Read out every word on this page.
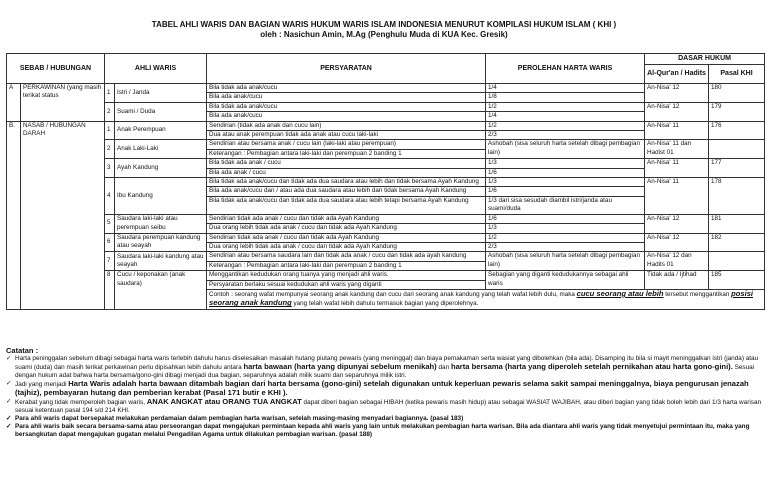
TABEL AHLI WARIS DAN BAGIAN WARIS HUKUM WARIS ISLAM INDONESIA MENURUT KOMPILASI HUKUM ISLAM ( KHI )
oleh : Nasichun Amin, M.Ag (Penghulu Muda di KUA Kec. Gresik)
SEBAB / HUBUNGAN		AHLI WARIS		PERSYARATAN	PEROLEHAN HARTA WARIS	DASAR HUKUM	
						Al-Qur'an / Hadits	Pasal KHI
A	PERKAWINAN (yang masih terikat status	1	Istri / Janda	Bila tidak ada anak/cucu	1/4	An-Nisa' 12	180
				Bila ada anak/cucu	1/8		
		2	Suami / Duda	Bila tidak ada anak/cucu	1/2	An-Nisa' 12	179
				Bila ada anak/cucu	1/4		
B.	NASAB / HUBUNGAN DARAH	1	Anak Perempuan	Sendirian (tidak ada anak dan cucu lain)	1/2	An-Nisa' 11	176
				Dua atau anak perempuan tidak ada anak atau cucu laki-laki	2/3		
		2	Anak Laki-Laki	Sendirian atau bersama anak / cucu lain (laki-laki atau perempuan)	Ashobah (sisa seluruh harta setelah dibagi pembagian lain)	An-Nisa' 11 dan Hadist 01	
				Keterangan : Pembagian antara laki-laki dan perempuan 2 banding 1			
		3	Ayah Kandung	Bila tidak ada anak / cucu	1/3	An-Nisa' 11	177
				Bila ada anak / cucu	1/6		
		4	Ibu Kandung	Bila tidak ada anak/cucu dan tidak ada dua saudara atau lebih dan tidak bersama Ayah Kandung	1/3	An-Nisa' 11	178
				Bila ada anak/cucu dan / atau ada dua saudara atau lebih dan tidak bersama Ayah Kandung	1/6		
				Bila tidak ada anak/cucu dan tidak ada dua saudara atau lebih tetapi bersama Ayah Kandung	1/3 dari sisa sesudah diambil istri/janda atau suami/duda		
		5	Saudara laki-laki atau perempuan seibu	Sendirian tidak ada anak / cucu dan tidak ada Ayah Kandung	1/6	An-Nisa' 12	181
				Dua orang lebih tidak ada anak / cucu dan tidak ada Ayah Kandung	1/3		
		6	Saudara perempuan kandung atau seayah	Sendirian tidak ada anak / cucu dan tidak ada Ayah Kandung	1/2	An-Nisa' 12	182
				Dua orang lebih tidak ada anak / cucu dan tidak ada Ayah Kandung	2/3		
		7	Saudara laki-laki kandung atau seayah	Sendirian atau bersama saudara lain dan tidak ada anak / cucu dan tidak ada ayah kandung	Ashobah (sisa seluruh harta setelah dibagi pembagian lain)	An-Nisa' 12 dan Hadits 01	
				Keterangan : Pembagian antara laki-laki dan perempuan 2 banding 1			
		8	Cucu / keponakan (anak saudara)	Menggantikan kedudukan orang tuanya yang menjadi ahli waris.	Sebagian yang diganti kedudukannya sebagai ahli waris	Tidak ada / Ijtihad	185
				Persyaratan berlaku sesuai kedudukan ahli waris yang diganti			
				Contoh : seorang wafat mempunyai seorang anak kandung dan cucu dari seorang anak kandung yang telah wafat lebih dulu, maka cucu seorang atau lebih tersebut menggantikan posisi seorang anak kandung yang telah wafat lebih dahulu termasuk bagian yang diperolehnya.			
Catatan :
✓ Harta peninggalan sebelum dibagi sebagai harta waris terlebih dahulu harus diselesaikan masalah hutang piutang pewaris (yang meninggal) dan biaya pemakaman serta wasiat yang dibolehkan (bila ada). Disamping itu bila si mayit meninggalkan istri (janda) atau suami (duda) dan masih terikat perkawinan perlu dipisahkan lebih dahulu antara harta bawaan (harta yang dipunyai sebelum menikah) dan harta bersama (harta yang diperoleh setelah pernikahan atau harta gono-gini). Sesuai dengan hukum adat bahwa harta bersama/gono-gini dibagi menjadi dua bagian, separuhnya adalah milik suami dan separuhnya milik istri.
✓ Jadi yang menjadi Harta Waris adalah harta bawaan ditambah bagian dari harta bersama (gono-gini) setelah digunakan untuk keperluan pewaris selama sakit sampai meninggalnya, biaya pengurusan jenazah (tajhiz), pembayaran hutang dan pemberian kerabat (Pasal 171 butir e KHI ).
✓ Kerabat yang tidak memperoleh bagian waris, ANAK ANGKAT atau ORANG TUA ANGKAT dapat diberi bagian sebagai HIBAH (ketika pewaris masih hidup) atau sebagai WASIAT WAJIBAH, atau diberi bagian yang tidak boleh lebih dari 1/3 harta warisan sesuai ketentuan pasal 194 s/d 214 KHI.
✓ Para ahli waris dapat bersepakat melakukan perdamaian dalam pembagian harta warisan, setelah masing-masing menyadari bagiannya. (pasal 183)
✓ Para ahli waris baik secara bersama-sama atau perseorangan dapat mengajukan permintaan kepada ahli waris yang lain untuk melakukan pembagian harta warisan. Bila ada diantara ahli waris yang tidak menyetujui permintaan itu, maka yang bersangkutan dapat mengajukan gugatan melalui Pengadilan Agama untuk dilakukan pembagian warisan. (pasal 188)
